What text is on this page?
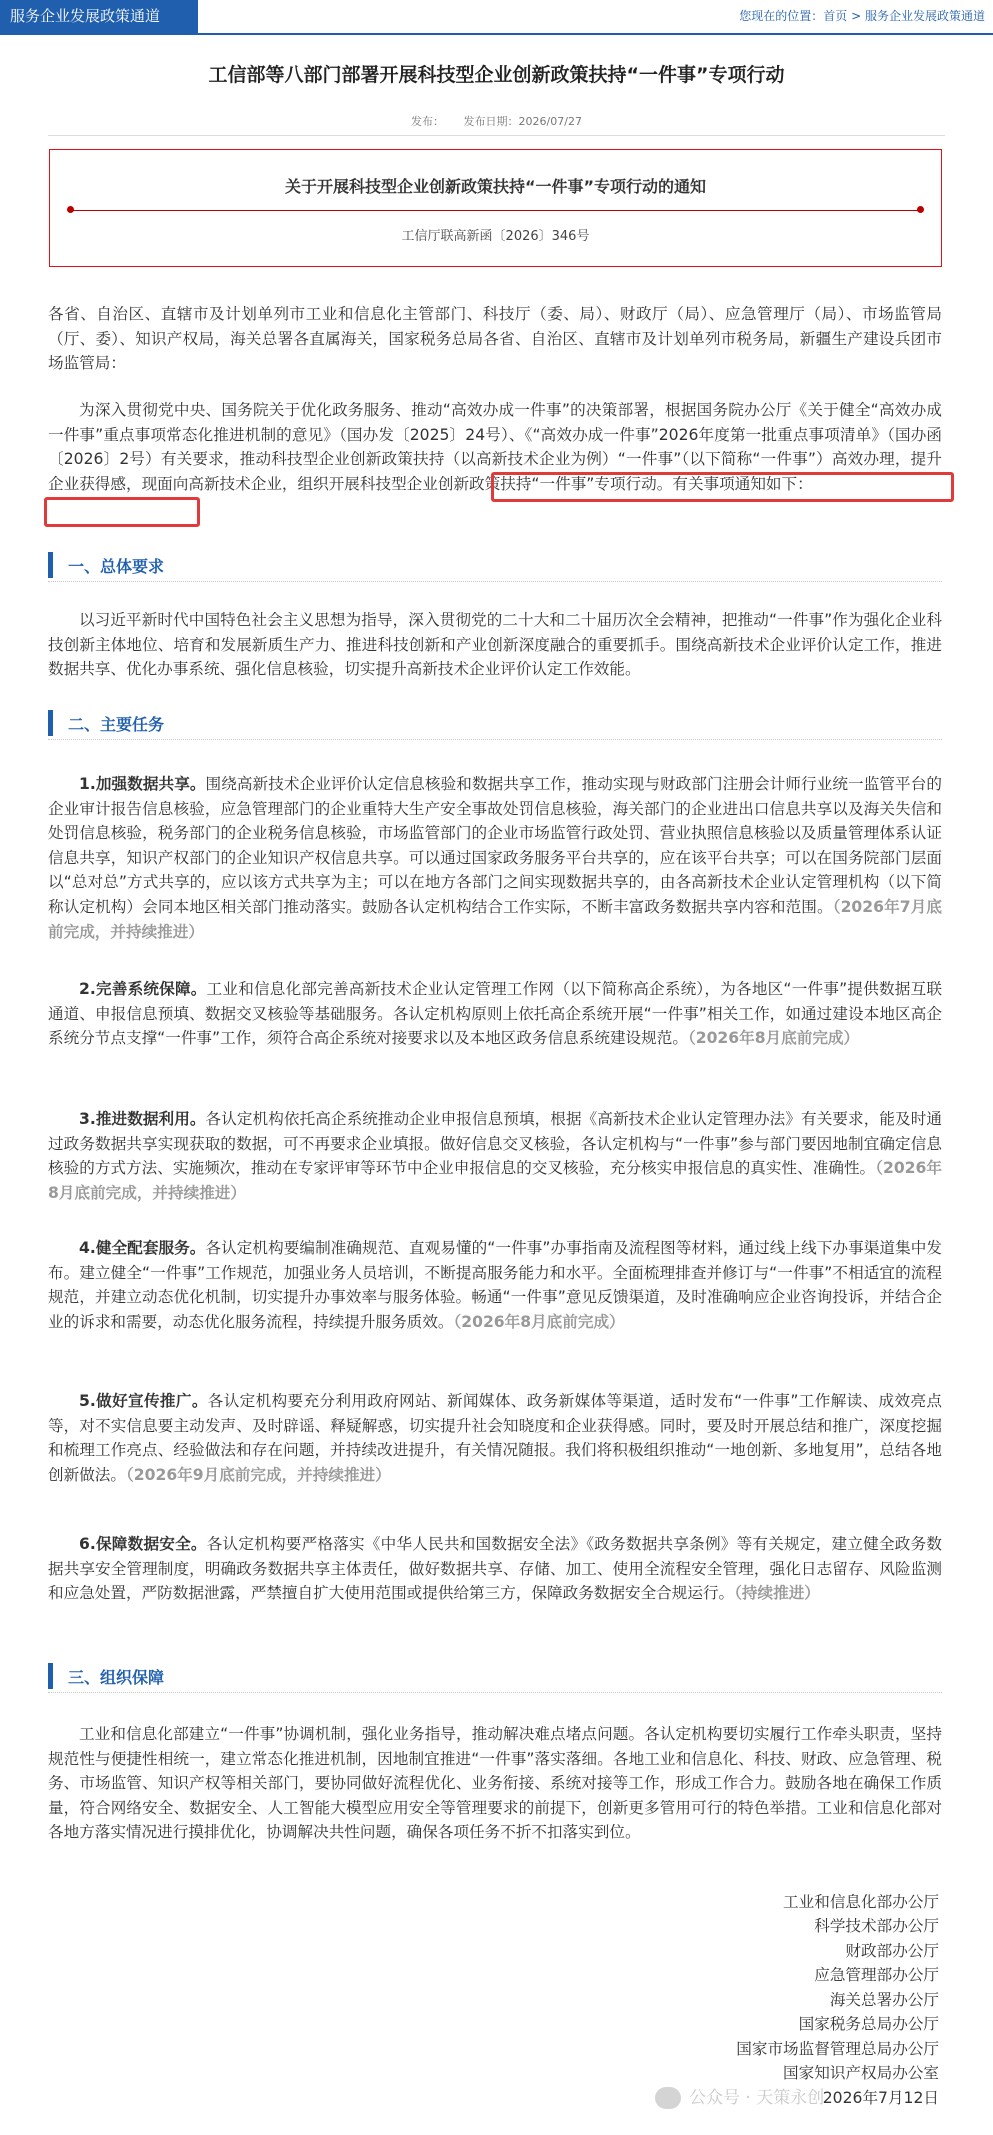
服务企业发展政策通道	您现在的位置：首页 > 服务企业发展政策通道
工信部等八部门部署开展科技型企业创新政策扶持“一件事”专项行动
发布： 发布日期：2026/07/27
关于开展科技型企业创新政策扶持“一件事”专项行动的通知
工信厅联高新函〔2026〕346号
各省、自治区、直辖市及计划单列市工业和信息化主管部门、科技厅（委、局）、财政厅（局）、应急管理厅（局）、市场监管局（厅、委）、知识产权局，海关总署各直属海关，国家税务总局各省、自治区、直辖市及计划单列市税务局，新疆生产建设兵团市场监管局：
为深入贯彻党中央、国务院关于优化政务服务、推动“高效办成一件事”的决策部署，根据国务院办公厅《关于健全“高效办成一件事”重点事项常态化推进机制的意见》（国办发〔2025〕24号）、《“高效办成一件事”2026年度第一批重点事项清单》（国办函〔2026〕2号）有关要求，推动科技型企业创新政策扶持（以高新技术企业为例）“一件事”（以下简称“一件事”）高效办理，提升企业获得感，现面向高新技术企业，组织开展科技型企业创新政策扶持“一件事”专项行动。有关事项通知如下：
一、总体要求
以习近平新时代中国特色社会主义思想为指导，深入贯彻党的二十大和二十届历次全会精神，把推动“一件事”作为强化企业科技创新主体地位、培育和发展新质生产力、推进科技创新和产业创新深度融合的重要抓手。围绕高新技术企业评价认定工作，推进数据共享、优化办事系统、强化信息核验，切实提升高新技术企业评价认定工作效能。
二、主要任务
1.加强数据共享。围绕高新技术企业评价认定信息核验和数据共享工作，推动实现与财政部门注册会计师行业统一监管平台的企业审计报告信息核验，应急管理部门的企业重特大生产安全事故处罚信息核验，海关部门的企业进出口信息共享以及海关失信和处罚信息核验，税务部门的企业税务信息核验，市场监管部门的企业市场监管行政处罚、营业执照信息核验以及质量管理体系认证信息共享，知识产权部门的企业知识产权信息共享。可以通过国家政务服务平台共享的，应在该平台共享；可以在国务院部门层面以“总对总”方式共享的，应以该方式共享为主；可以在地方各部门之间实现数据共享的，由各高新技术企业认定管理机构（以下简称认定机构）会同本地区相关部门推动落实。鼓励各认定机构结合工作实际，不断丰富政务数据共享内容和范围。（2026年7月底前完成，并持续推进）
2.完善系统保障。工业和信息化部完善高新技术企业认定管理工作网（以下简称高企系统），为各地区“一件事”提供数据互联通道、申报信息预填、数据交叉核验等基础服务。各认定机构原则上依托高企系统开展“一件事”相关工作，如通过建设本地区高企系统分节点支撑“一件事”工作，须符合高企系统对接要求以及本地区政务信息系统建设规范。（2026年8月底前完成）
3.推进数据利用。各认定机构依托高企系统推动企业申报信息预填，根据《高新技术企业认定管理办法》有关要求，能及时通过政务数据共享实现获取的数据，可不再要求企业填报。做好信息交叉核验，各认定机构与“一件事”参与部门要因地制宜确定信息核验的方式方法、实施频次，推动在专家评审等环节中企业申报信息的交叉核验，充分核实申报信息的真实性、准确性。（2026年8月底前完成，并持续推进）
4.健全配套服务。各认定机构要编制准确规范、直观易懂的“一件事”办事指南及流程图等材料，通过线上线下办事渠道集中发布。建立健全“一件事”工作规范，加强业务人员培训，不断提高服务能力和水平。全面梳理排查并修订与“一件事”不相适宜的流程规范，并建立动态优化机制，切实提升办事效率与服务体验。畅通“一件事”意见反馈渠道，及时准确响应企业咨询投诉，并结合企业的诉求和需要，动态优化服务流程，持续提升服务质效。（2026年8月底前完成）
5.做好宣传推广。各认定机构要充分利用政府网站、新闻媒体、政务新媒体等渠道，适时发布“一件事”工作解读、成效亮点等，对不实信息要主动发声、及时辟谣、释疑解惑，切实提升社会知晓度和企业获得感。同时，要及时开展总结和推广，深度挖掘和梳理工作亮点、经验做法和存在问题，并持续改进提升，有关情况随报。我们将积极组织推动“一地创新、多地复用”，总结各地创新做法。（2026年9月底前完成，并持续推进）
6.保障数据安全。各认定机构要严格落实《中华人民共和国数据安全法》《政务数据共享条例》等有关规定，建立健全政务数据共享安全管理制度，明确政务数据共享主体责任，做好数据共享、存储、加工、使用全流程安全管理，强化日志留存、风险监测和应急处置，严防数据泄露，严禁擅自扩大使用范围或提供给第三方，保障政务数据安全合规运行。（持续推进）
三、组织保障
工业和信息化部建立“一件事”协调机制，强化业务指导，推动解决难点堵点问题。各认定机构要切实履行工作牵头职责，坚持规范性与便捷性相统一，建立常态化推进机制，因地制宜推进“一件事”落实落细。各地工业和信息化、科技、财政、应急管理、税务、市场监管、知识产权等相关部门，要协同做好流程优化、业务衔接、系统对接等工作，形成工作合力。鼓励各地在确保工作质量，符合网络安全、数据安全、人工智能大模型应用安全等管理要求的前提下，创新更多管用可行的特色举措。工业和信息化部对各地方落实情况进行摸排优化，协调解决共性问题，确保各项任务不折不扣落实到位。
工业和信息化部办公厅
科学技术部办公厅
财政部办公厅
应急管理部办公厅
海关总署办公厅
国家税务总局办公厅
国家市场监督管理总局办公厅
国家知识产权局办公室
2026年7月12日
公众号 · 天策永创
